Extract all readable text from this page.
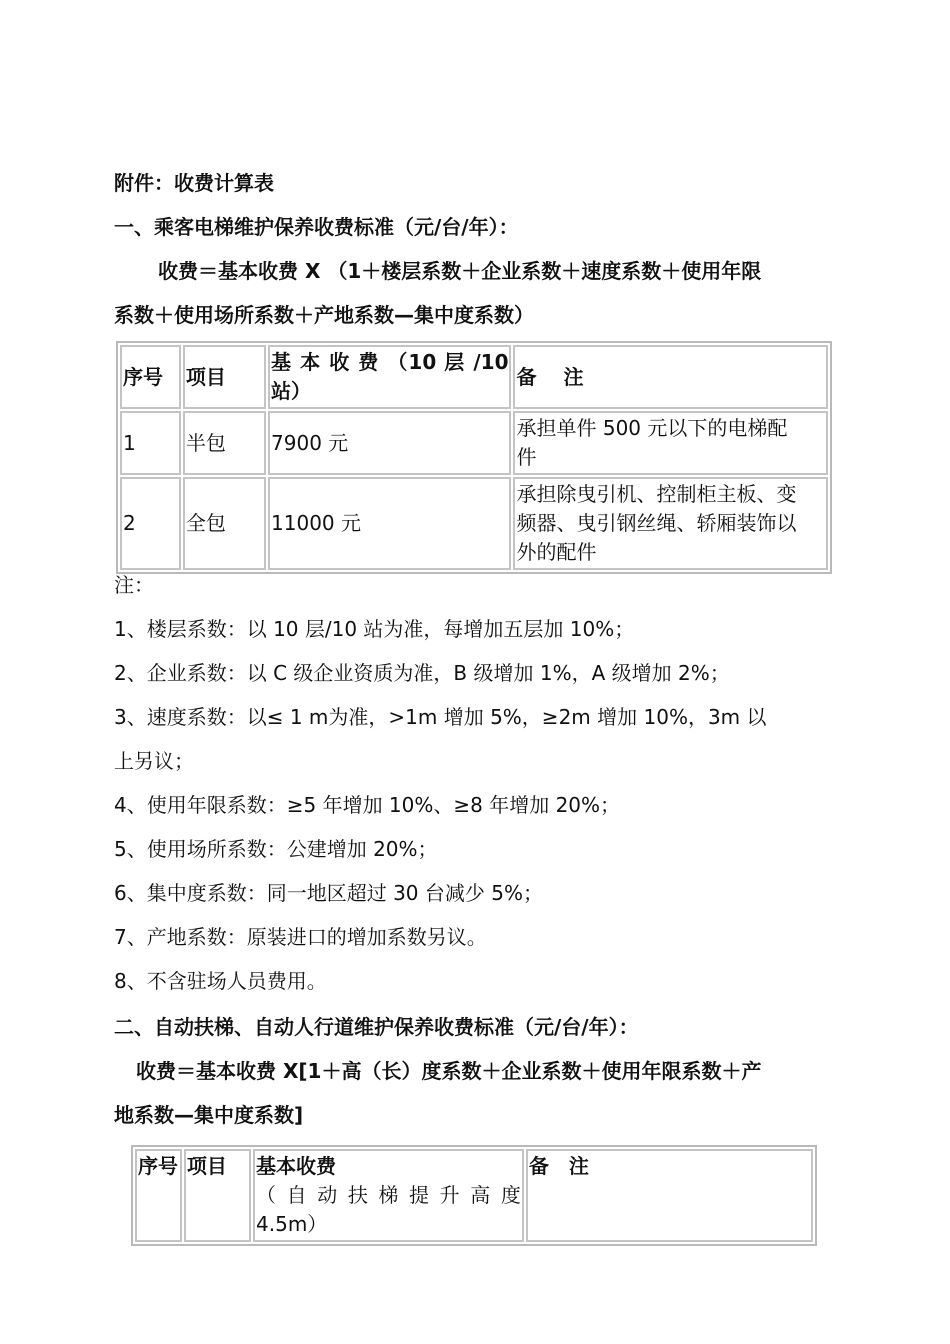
附件：收费计算表
一、乘客电梯维护保养收费标准（元/台/年）：
收费＝基本收费 X （1＋楼层系数＋企业系数＋速度系数＋使用年限
系数＋使用场所系数＋产地系数—集中度系数）
序号	项目	基 本 收 费 （10 层 /10
站）	备　 注
1	半包	7900 元	承担单件 500 元以下的电梯配
件

2	全包	11000 元	承担除曳引机、控制柜主板、变
频器、曳引钢丝绳、轿厢装饰以
外的配件
注：
1、楼层系数：以 10 层/10 站为准，每增加五层加 10%；
2、企业系数：以 C 级企业资质为准，B 级增加 1%，A 级增加 2%；
3、速度系数：以≤ 1 m为准，>1m 增加 5%，≥2m 增加 10%，3m 以
上另议；
4、使用年限系数：≥5 年增加 10%、≥8 年增加 20%；
5、使用场所系数：公建增加 20%；
6、集中度系数：同一地区超过 30 台减少 5%；
7、产地系数：原装进口的增加系数另议。
8、不含驻场人员费用。
二、自动扶梯、自动人行道维护保养收费标准（元/台/年）：
收费＝基本收费 X[1＋高（长）度系数＋企业系数＋使用年限系数＋产
地系数—集中度系数]
序号	项目	基本收费
（自动扶梯提升高度
4.5m）
	备　注
